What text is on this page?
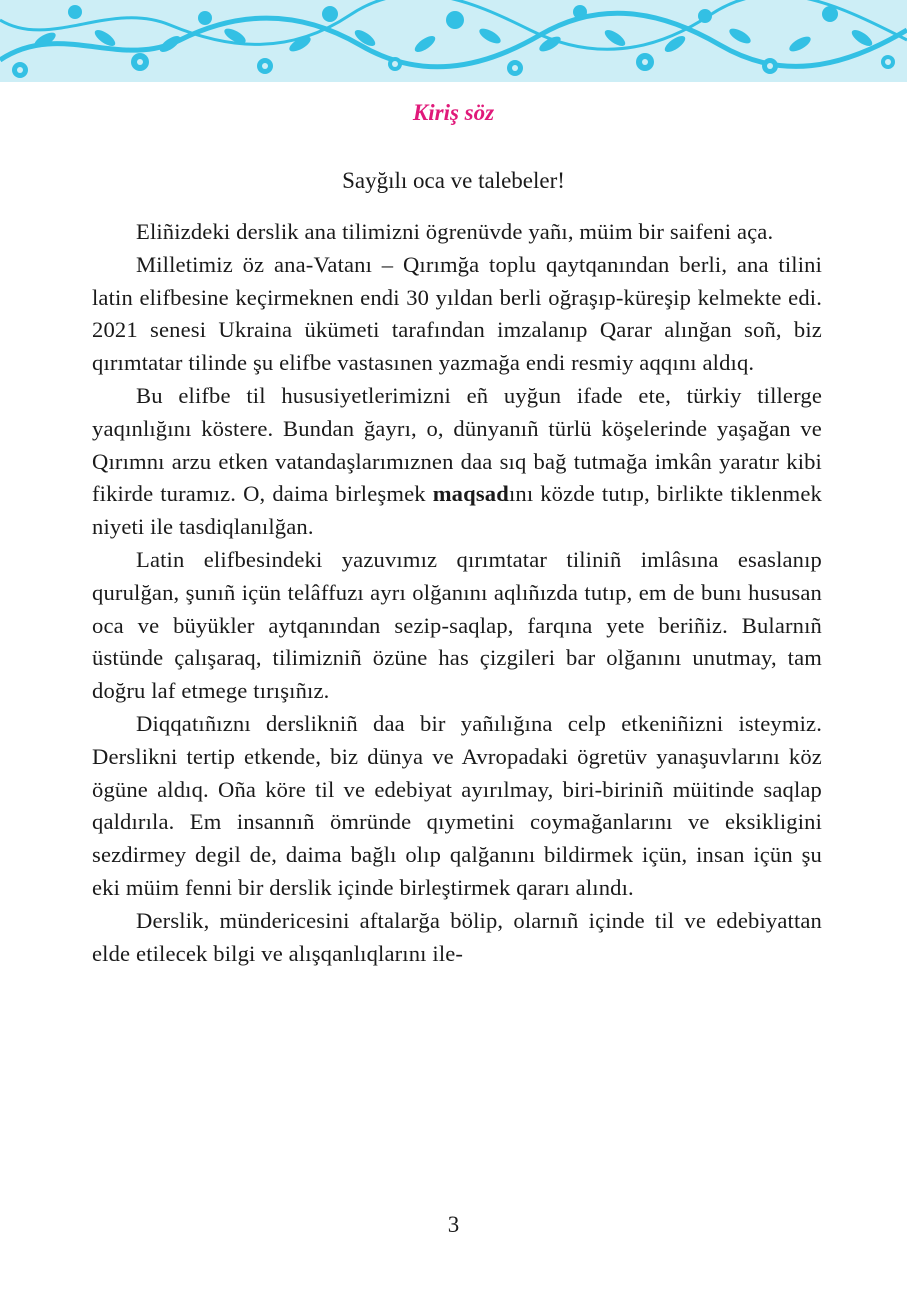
Kiriş söz
Sayğılı oca ve talebeler!

Eliñizdeki derslik ana tilimizni ögrenüvde yañı, müim bir saifeni aça.

Milletimiz öz ana-Vatanı – Qırımğa toplu qaytqanından berli, ana tilini latin elifbesine keçirmeknen endi 30 yıldan berli oğraşıp-küreşip kelmekte edi. 2021 senesi Ukraina ükümeti tarafından imzalanıp Qarar alınğan soñ, biz qırımtatar tilinde şu elifbe vastasınen yazmağa endi resmiy aqqını aldıq.

Bu elifbe til hususiyetlerimizni eñ uyğun ifade ete, türkiy tillerge yaqınlığını köstere. Bundan ğayrı, o, dünyanıñ türlü köşelerinde yaşağan ve Qırımnı arzu etken vatandaşlarımıznen daa sıq bağ tutmağa imkân yaratır kibi fikirde turamız. O, daima birleşmek maqsadını közde tutıp, birlikte tiklenmek niyeti ile tasdiqlanılğan.

Latin elifbesindeki yazuvımız qırımtatar tiliniñ imlâsına esaslanıp qurulğan, şunıñ içün telâffuzı ayrı olğanını aqlıñızda tutıp, em de bunı hususan oca ve büyükler aytqanından sezip-saqlap, farqına yete beriñiz. Bularnıñ üstünde çalışaraq, tilimizniñ özüne has çizgileri bar olğanını unutmay, tam doğru laf etmege tırışıñız.

Diqqatıñıznı derslikniñ daa bir yañılığına celp etkeniñizni isteymiz. Derslikni tertip etkende, biz dünya ve Avropadaki ögretüv yanaşuvlarını köz ögüne aldıq. Oña köre til ve edebiyat ayırılmay, biri-biriniñ müitinde saqlap qaldırıla. Em insannıñ ömründe qıymetini coymağanlarını ve eksikligini sezdirmey degil de, daima bağlı olıp qalğanını bildirmek içün, insan içün şu eki müim fenni bir derslik içinde birleştirmek qararı alındı.

Derslik, mündericesini aftalarğa bölip, olarnıñ içinde til ve edebiyattan elde etilecek bilgi ve alışqanlıqlarını ile-

3
